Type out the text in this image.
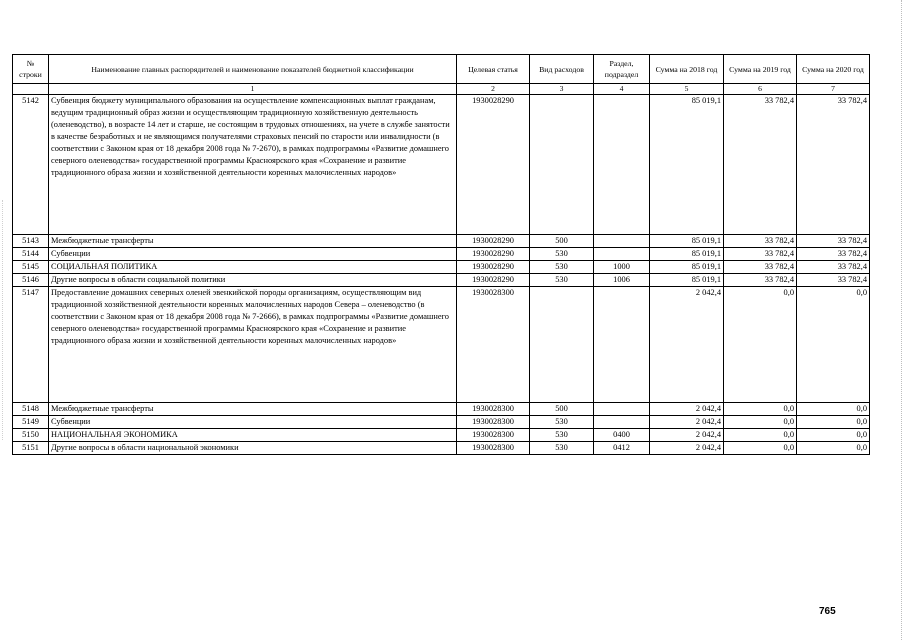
№ строки	Наименование главных распорядителей и наименование показателей бюджетной классификации	Целевая статья	Вид расходов	Раздел, подраздел	Сумма на 2018 год	Сумма на 2019 год	Сумма на 2020 год
	1	2	3	4	5	6	7
5142	Субвенция бюджету муниципального образования на осуществление компенсационных выплат гражданам, ведущим традиционный образ жизни и осуществляющим традиционную хозяйственную деятельность (оленеводство), в возрасте 14 лет и старше, не состоящим в трудовых отношениях, на учете в службе занятости в качестве безработных и не являющимся получателями страховых пенсий по старости или инвалидности (в соответствии с Законом края от 18 декабря 2008 года № 7-2670), в рамках подпрограммы «Развитие домашнего северного оленеводства» государственной программы Красноярского края «Сохранение и развитие традиционного образа жизни и хозяйственной деятельности коренных малочисленных народов»	1930028290			85 019,1	33 782,4	33 782,4
5143	Межбюджетные трансферты	1930028290	500		85 019,1	33 782,4	33 782,4
5144	Субвенции	1930028290	530		85 019,1	33 782,4	33 782,4
5145	СОЦИАЛЬНАЯ ПОЛИТИКА	1930028290	530	1000	85 019,1	33 782,4	33 782,4
5146	Другие вопросы в области социальной политики	1930028290	530	1006	85 019,1	33 782,4	33 782,4
5147	Предоставление домашних северных оленей эвенкийской породы организациям, осуществляющим вид традиционной хозяйственной деятельности коренных малочисленных народов Севера – оленеводство (в соответствии с Законом края от 18 декабря 2008 года № 7-2666), в рамках подпрограммы «Развитие домашнего северного оленеводства» государственной программы Красноярского края «Сохранение и развитие традиционного образа жизни и хозяйственной деятельности коренных малочисленных народов»	1930028300			2 042,4	0,0	0,0
5148	Межбюджетные трансферты	1930028300	500		2 042,4	0,0	0,0
5149	Субвенции	1930028300	530		2 042,4	0,0	0,0
5150	НАЦИОНАЛЬНАЯ ЭКОНОМИКА	1930028300	530	0400	2 042,4	0,0	0,0
5151	Другие вопросы в области национальной экономики	1930028300	530	0412	2 042,4	0,0	0,0
765
